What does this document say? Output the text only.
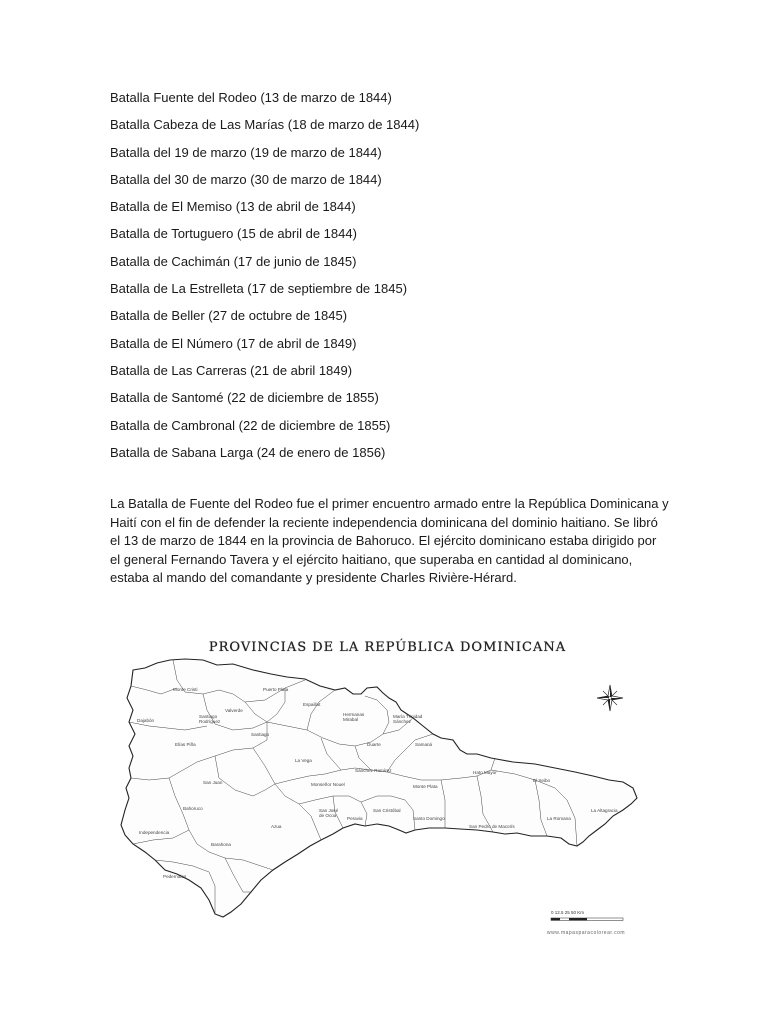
Batalla Fuente del Rodeo (13 de marzo de 1844)
Batalla Cabeza de Las Marías (18 de marzo de 1844)
Batalla del 19 de marzo (19 de marzo de 1844)
Batalla del 30 de marzo (30 de marzo de 1844)
Batalla de El Memiso (13 de abril de 1844)
Batalla de Tortuguero (15 de abril de 1844)
Batalla de Cachimán (17 de junio de 1845)
Batalla de La Estrelleta (17 de septiembre de 1845)
Batalla de Beller (27 de octubre de 1845)
Batalla de El Número (17 de abril de 1849)
Batalla de Las Carreras (21 de abril 1849)
Batalla de Santomé (22 de diciembre de 1855)
Batalla de Cambronal (22 de diciembre de 1855)
Batalla de Sabana Larga (24 de enero de 1856)

La Batalla de Fuente del Rodeo fue el primer encuentro armado entre la República Dominicana y Haití con el fin de defender la reciente independencia dominicana del dominio haitiano. Se libró el 13 de marzo de 1844 en la provincia de Bahoruco. El ejército dominicano estaba dirigido por el general Fernando Tavera y el ejército haitiano, que superaba en cantidad al dominicano, estaba al mando del comandante y presidente Charles Rivière-Hérard.

PROVINCIAS DE LA REPÚBLICA DOMINICANA
Monte Cristi	Puerto Plata
Valverde
Espaillat
Dajabón
Santiago Rodríguez
Santiago
Hermanas Mirabal
María Trinidad Sánchez
Samaná
Duarte
Sánchez Ramírez
La Vega
Elías Piña
San Juan
Azua
Monseñor Nouel	Monte Plata
Hato Mayor
El Seibo
San José de Ocoa
Peravia
San Cristóbal
Santo Domingo
San Pedro de Macorís
La Romana
La Altagracia
Bahoruco
Independencia
Barahona
Pedernales
0 12.5 25 50 Km
www.mapasparacolorear.com
